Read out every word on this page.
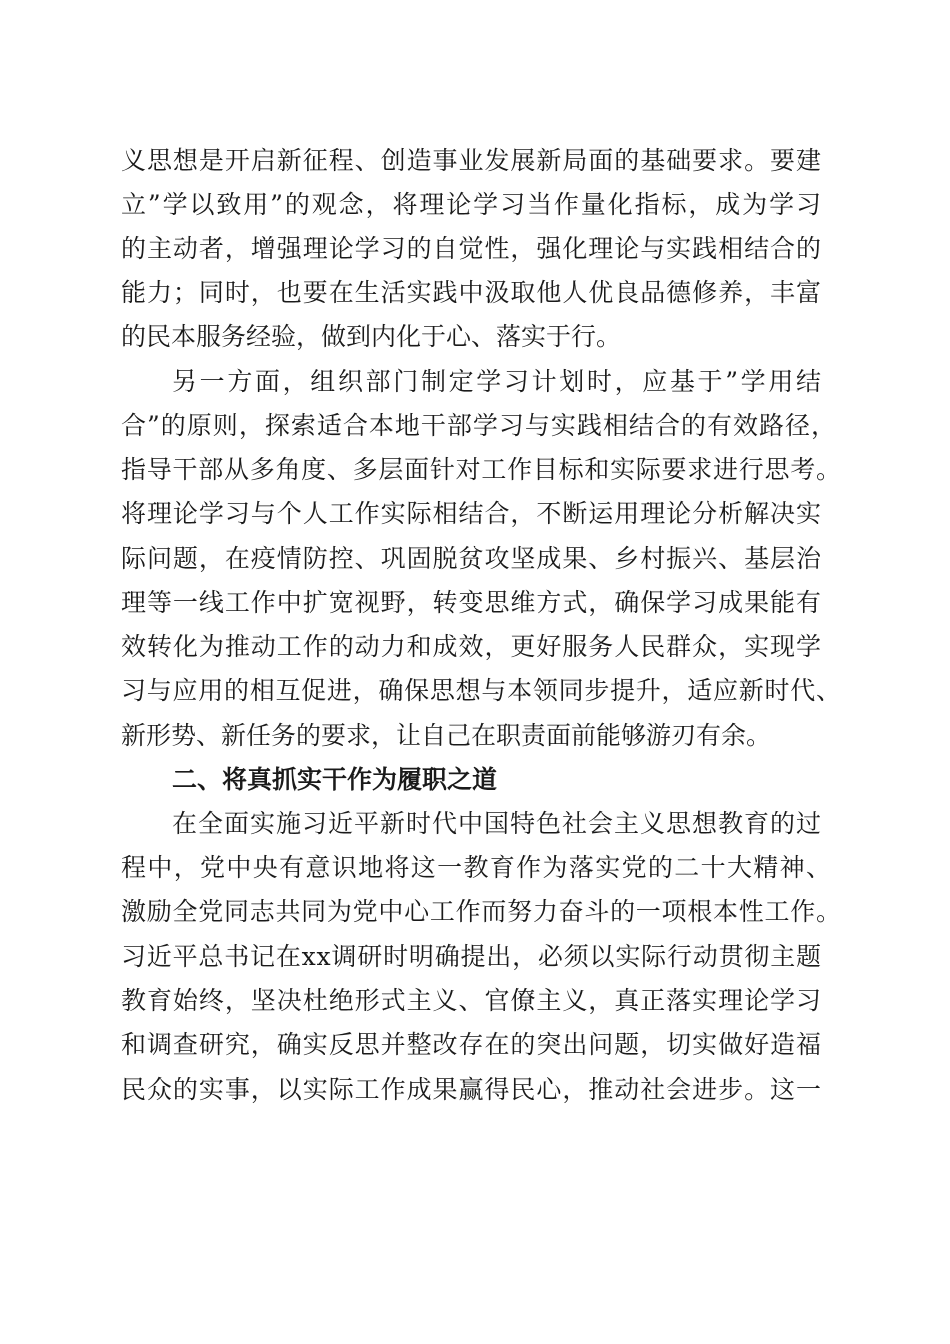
义思想是开启新征程、创造事业发展新局面的基础要求。要建
立”学以致用”的观念，将理论学习当作量化指标，成为学习
的主动者，增强理论学习的自觉性，强化理论与实践相结合的
能力；同时，也要在生活实践中汲取他人优良品德修养，丰富
的民本服务经验，做到内化于心、落实于行。
另一方面，组织部门制定学习计划时，应基于”学用结
合”的原则，探索适合本地干部学习与实践相结合的有效路径，
指导干部从多角度、多层面针对工作目标和实际要求进行思考。
将理论学习与个人工作实际相结合，不断运用理论分析解决实
际问题，在疫情防控、巩固脱贫攻坚成果、乡村振兴、基层治
理等一线工作中扩宽视野，转变思维方式，确保学习成果能有
效转化为推动工作的动力和成效，更好服务人民群众，实现学
习与应用的相互促进，确保思想与本领同步提升，适应新时代、
新形势、新任务的要求，让自己在职责面前能够游刃有余。
二、将真抓实干作为履职之道
在全面实施习近平新时代中国特色社会主义思想教育的过
程中，党中央有意识地将这一教育作为落实党的二十大精神、
激励全党同志共同为党中心工作而努力奋斗的一项根本性工作。
习近平总书记在xx调研时明确提出，必须以实际行动贯彻主题
教育始终，坚决杜绝形式主义、官僚主义，真正落实理论学习
和调查研究，确实反思并整改存在的突出问题，切实做好造福
民众的实事，以实际工作成果赢得民心，推动社会进步。这一
